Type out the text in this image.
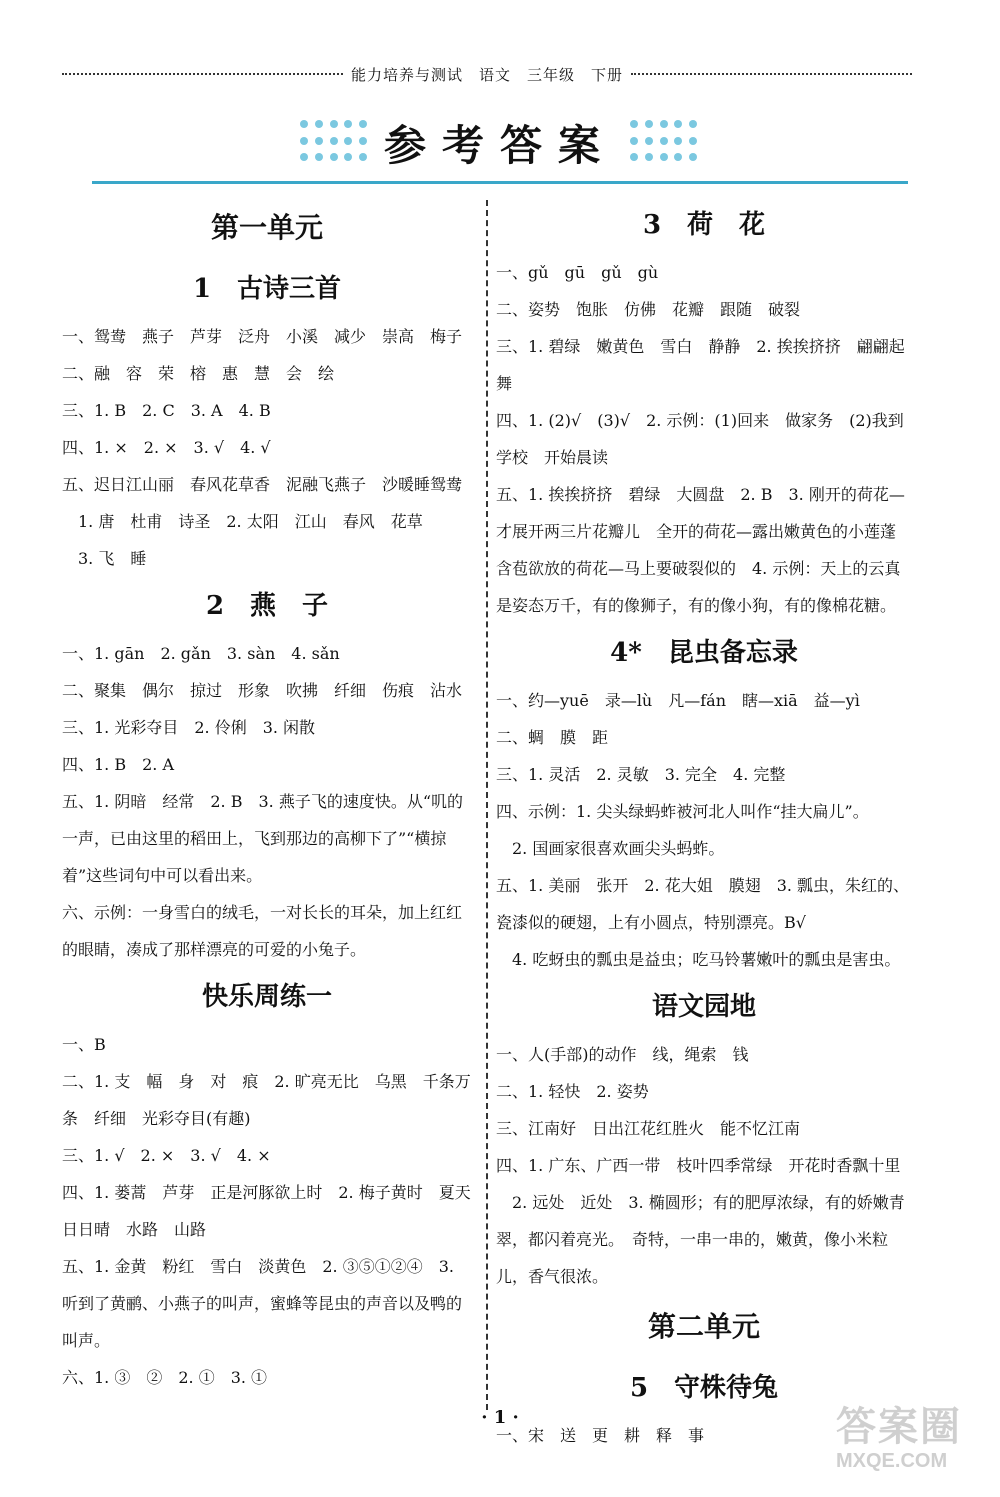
能力培养与测试　语文　三年级　下册
参考答案
第一单元
1　古诗三首
一、鸳鸯　燕子　芦芽　泛舟　小溪　减少　崇高　梅子
二、融　容　荣　榕　惠　慧　会　绘
三、1. B　2. C　3. A　4. B
四、1. ×　2. ×　3. √　4. √
五、迟日江山丽　春风花草香　泥融飞燕子　沙暖睡鸳鸯
　1. 唐　杜甫　诗圣　2. 太阳　江山　春风　花草
　3. 飞　睡
2　燕　子
一、1. gān　2. gǎn　3. sàn　4. sǎn
二、聚集　偶尔　掠过　形象　吹拂　纤细　伤痕　沾水
三、1. 光彩夺目　2. 伶俐　3. 闲散
四、1. B　2. A
五、1. 阴暗　经常　2. B　3. 燕子飞的速度快。从“叽的一声，已由这里的稻田上，飞到那边的高柳下了”“横掠着”这些词句中可以看出来。
六、示例：一身雪白的绒毛，一对长长的耳朵，加上红红的眼睛，凑成了那样漂亮的可爱的小兔子。
快乐周练一
一、B
二、1. 支　幅　身　对　痕　2. 旷亮无比　乌黑　千条万条　纤细　光彩夺目(有趣)
三、1. √　2. ×　3. √　4. ×
四、1. 蒌蒿　芦芽　正是河豚欲上时　2. 梅子黄时　夏天日日晴　水路　山路
五、1. 金黄　粉红　雪白　淡黄色　2. ③⑤①②④　3. 听到了黄鹂、小燕子的叫声，蜜蜂等昆虫的声音以及鸭的叫声。
六、1. ③　②　2. ①　3. ①
3　荷　花
一、gǔ　gū　gǔ　gù
二、姿势　饱胀　仿佛　花瓣　跟随　破裂
三、1. 碧绿　嫩黄色　雪白　静静　2. 挨挨挤挤　翩翩起舞
四、1. (2)√　(3)√　2. 示例：(1)回来　做家务　(2)我到学校　开始晨读
五、1. 挨挨挤挤　碧绿　大圆盘　2. B　3. 刚开的荷花—才展开两三片花瓣儿　全开的荷花—露出嫩黄色的小莲蓬　含苞欲放的荷花—马上要破裂似的　4. 示例：天上的云真是姿态万千，有的像狮子，有的像小狗，有的像棉花糖。
4*　昆虫备忘录
一、约—yuē　录—lù　凡—fán　瞎—xiā　益—yì
二、蜩　膜　距
三、1. 灵活　2. 灵敏　3. 完全　4. 完整
四、示例：1. 尖头绿蚂蚱被河北人叫作“挂大扁儿”。
　2. 国画家很喜欢画尖头蚂蚱。
五、1. 美丽　张开　2. 花大姐　膜翅　3. 瓢虫，朱红的、瓷漆似的硬翅，上有小圆点，特别漂亮。B√
　4. 吃蚜虫的瓢虫是益虫；吃马铃薯嫩叶的瓢虫是害虫。
语文园地
一、人(手部)的动作　线，绳索　钱
二、1. 轻快　2. 姿势
三、江南好　日出江花红胜火　能不忆江南
四、1. 广东、广西一带　枝叶四季常绿　开花时香飘十里
　2. 远处　近处　3. 椭圆形；有的肥厚浓绿，有的娇嫩青翠，都闪着亮光。　奇特，一串一串的，嫩黄，像小米粒儿，香气很浓。
第二单元
5　守株待兔
一、宋　送　更　耕　释　事
· 1 ·	答案圈
MXQE.COM
